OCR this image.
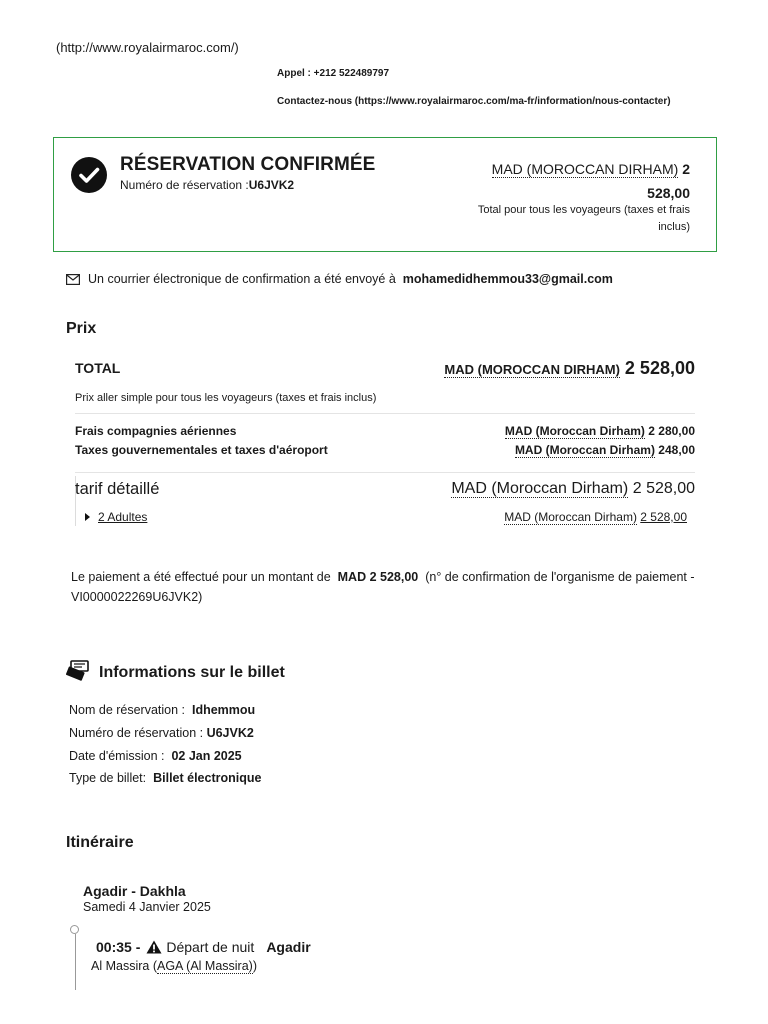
(http://www.royalairmaroc.com/)
Appel : +212 522489797
Contactez-nous (https://www.royalairmaroc.com/ma-fr/information/nous-contacter)
RÉSERVATION CONFIRMÉE
Numéro de réservation :U6JVK2
MAD (MOROCCAN DIRHAM) 2
528,00
Total pour tous les voyageurs (taxes et frais inclus)
Un courrier électronique de confirmation a été envoyé à
mohamedidhemmou33@gmail.com
Prix
TOTAL	MAD (MOROCCAN DIRHAM) 2 528,00
Prix aller simple pour tous les voyageurs (taxes et frais inclus)
Frais compagnies aériennes	MAD (Moroccan Dirham) 2 280,00
Taxes gouvernementales et taxes d'aéroport	MAD (Moroccan Dirham) 248,00
tarif détaillé	MAD (Moroccan Dirham) 2 528,00
2 Adultes	MAD (Moroccan Dirham) 2 528,00
Le paiement a été effectué pour un montant de MAD 2 528,00 (n° de confirmation de l'organisme de paiement - VI0000022269U6JVK2)
Informations sur le billet
Nom de réservation : Idhemmou
Numéro de réservation : U6JVK2
Date d'émission : 02 Jan 2025
Type de billet: Billet électronique
Itinéraire
Agadir - Dakhla
Samedi 4 Janvier 2025
00:35 - Départ de nuit Agadir
Al Massira (AGA (Al Massira))
